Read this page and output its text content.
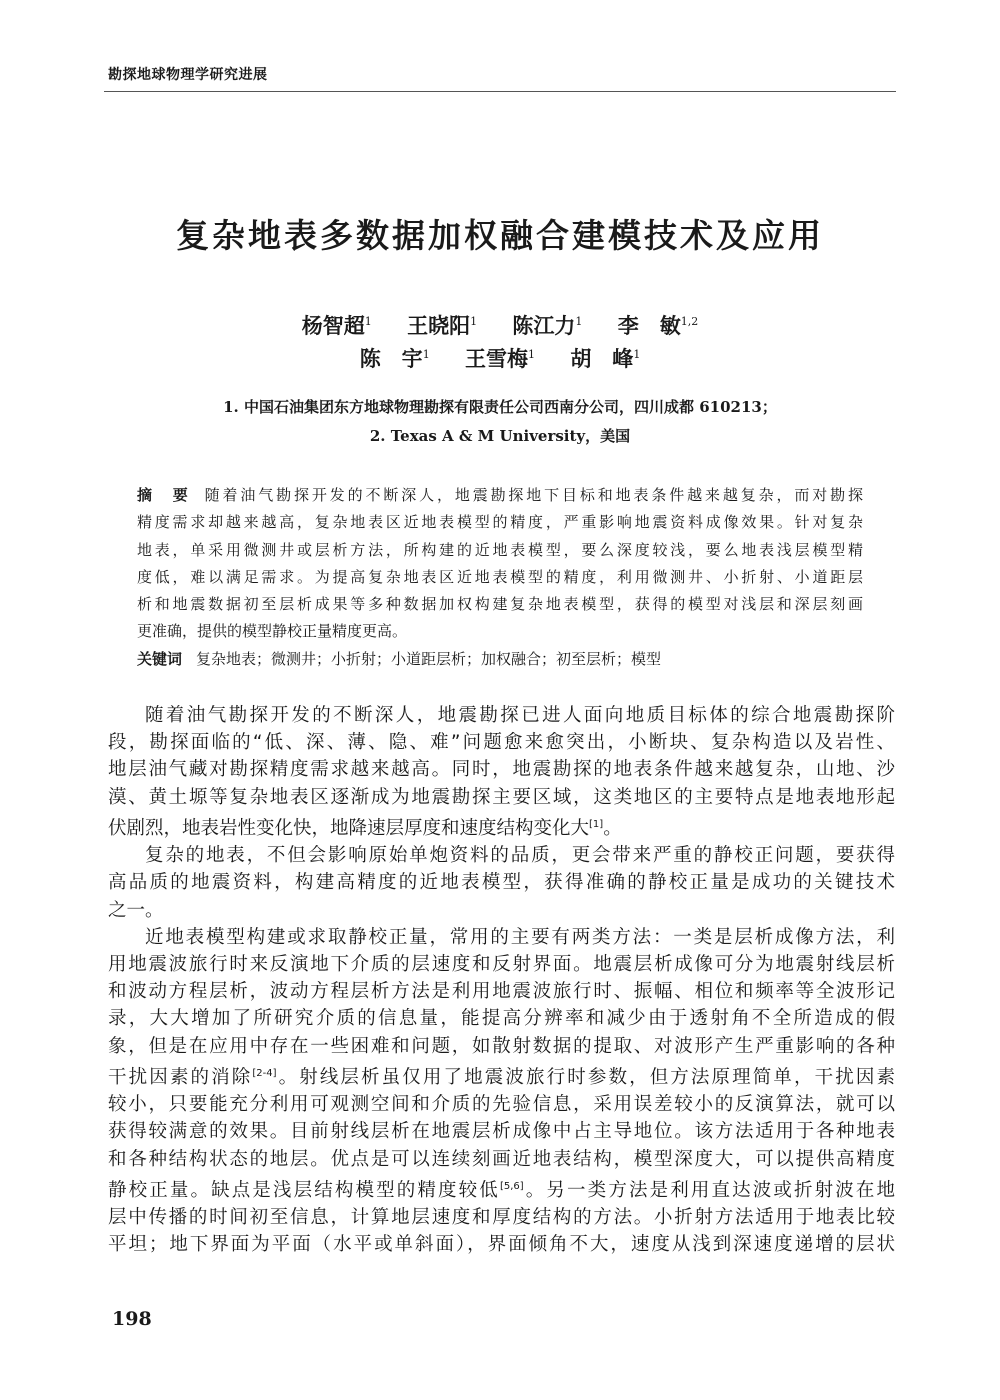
勘探地球物理学研究进展
复杂地表多数据加权融合建模技术及应用
杨智超$^1$ 王晓阳$^1$ 陈江力$^1$ 李　敏$^{1,2}$
陈　宇$^1$ 王雪梅$^1$ 胡　峰$^1$
1. 中国石油集团东方地球物理勘探有限责任公司西南分公司，四川成都 610213；
2. Texas A & M University，美国
摘　要 随着油气勘探开发的不断深人，地震勘探地下目标和地表条件越来越复杂，而对勘探
精度需求却越来越高，复杂地表区近地表模型的精度，严重影响地震资料成像效果。针对复杂
地表，单采用微测井或层析方法，所构建的近地表模型，要么深度较浅，要么地表浅层模型精
度低，难以满足需求。为提高复杂地表区近地表模型的精度，利用微测井、小折射、小道距层
析和地震数据初至层析成果等多种数据加权构建复杂地表模型，获得的模型对浅层和深层刻画
更准确，提供的模型静校正量精度更高。
关键词 复杂地表；微测井；小折射；小道距层析；加权融合；初至层析；模型
随着油气勘探开发的不断深人，地震勘探已进人面向地质目标体的综合地震勘探阶
段，勘探面临的“低、深、薄、隐、难”问题愈来愈突出，小断块、复杂构造以及岩性、
地层油气藏对勘探精度需求越来越高。同时，地震勘探的地表条件越来越复杂，山地、沙
漠、黄土塬等复杂地表区逐渐成为地震勘探主要区域，这类地区的主要特点是地表地形起
伏剧烈，地表岩性变化快，地降速层厚度和速度结构变化大[1]。
复杂的地表，不但会影响原始单炮资料的品质，更会带来严重的静校正问题，要获得
高品质的地震资料，构建高精度的近地表模型，获得准确的静校正量是成功的关键技术
之一。
近地表模型构建或求取静校正量，常用的主要有两类方法：一类是层析成像方法，利
用地震波旅行时来反演地下介质的层速度和反射界面。地震层析成像可分为地震射线层析
和波动方程层析，波动方程层析方法是利用地震波旅行时、振幅、相位和频率等全波形记
录，大大增加了所研究介质的信息量，能提高分辨率和减少由于透射角不全所造成的假
象，但是在应用中存在一些困难和问题，如散射数据的提取、对波形产生严重影响的各种
干扰因素的消除[2-4]。射线层析虽仅用了地震波旅行时参数，但方法原理简单，干扰因素
较小，只要能充分利用可观测空间和介质的先验信息，采用误差较小的反演算法，就可以
获得较满意的效果。目前射线层析在地震层析成像中占主导地位。该方法适用于各种地表
和各种结构状态的地层。优点是可以连续刻画近地表结构，模型深度大，可以提供高精度
静校正量。缺点是浅层结构模型的精度较低[5,6]。另一类方法是利用直达波或折射波在地
层中传播的时间初至信息，计算地层速度和厚度结构的方法。小折射方法适用于地表比较
平坦；地下界面为平面（水平或单斜面），界面倾角不大，速度从浅到深速度递增的层状
198
